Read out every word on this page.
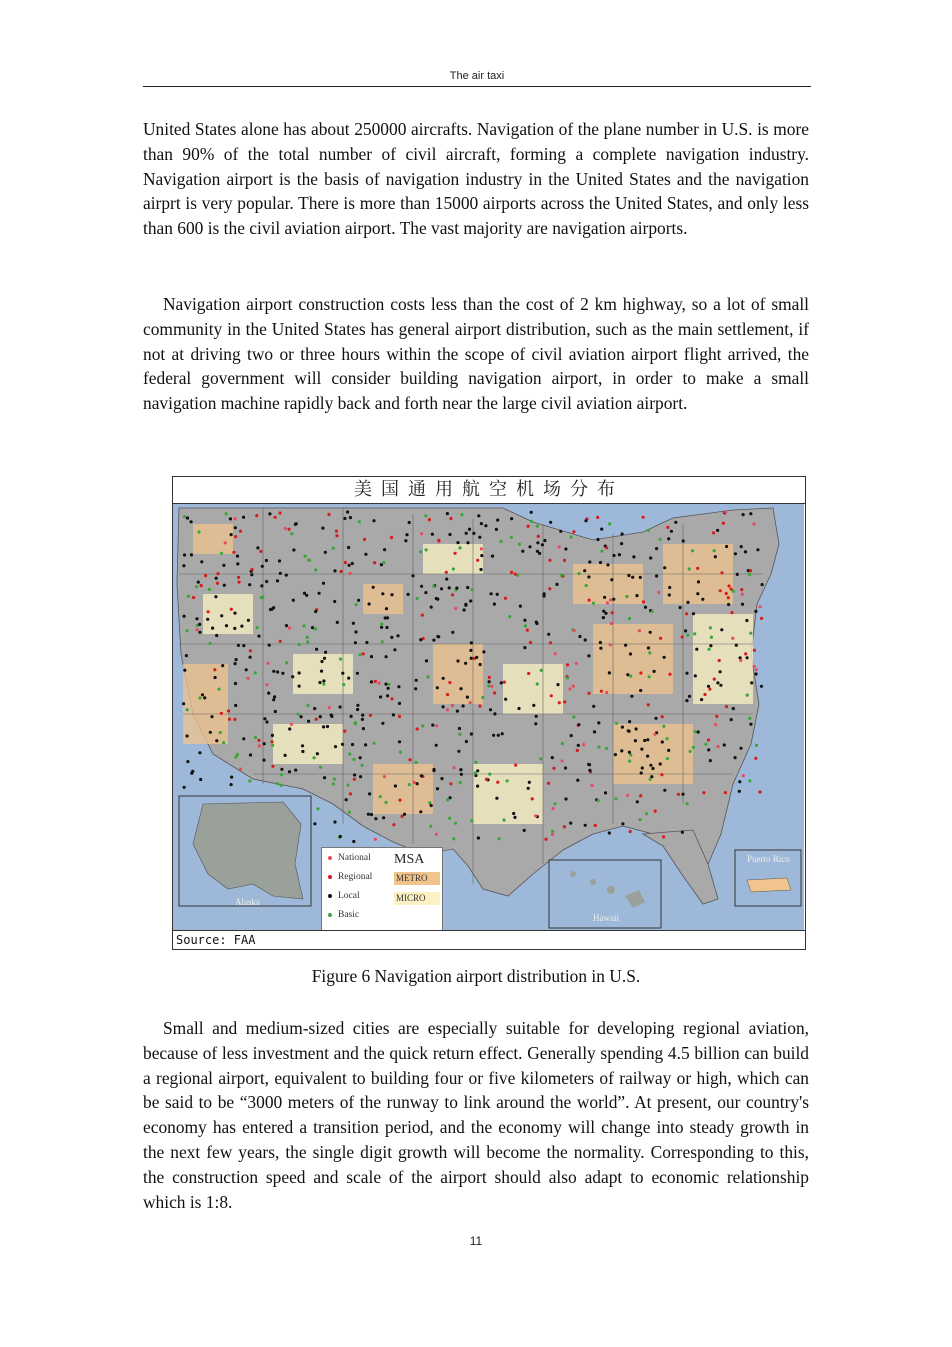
The air taxi

United States alone has about 250000 aircrafts. Navigation of the plane number in U.S. is more than 90% of the total number of civil aircraft, forming a complete navigation industry. Navigation airport is the basis of navigation industry in the United States and the navigation airprt is very popular. There is more than 15000 airports across the United States, and only less than 600 is the civil aviation airport. The vast majority are navigation airports.

Navigation airport construction costs less than the cost of 2 km highway, so a lot of small community in the United States has general airport distribution, such as the main settlement, if not at driving two or three hours within the scope of civil aviation airport flight arrived, the federal government will consider building navigation airport, in order to make a small navigation machine rapidly back and forth near the large civil aviation airport.

美国通用航空机场分布
Alaska
Hawaii
Puerto Rico
National
Regional
Local
Basic
MSA
METRO
MICRO
Source: FAA
Figure 6 Navigation airport distribution in U.S.

Small and medium-sized cities are especially suitable for developing regional aviation, because of less investment and the quick return effect. Generally spending 4.5 billion can build a regional airport, equivalent to building four or five kilometers of railway or high, which can be said to be “3000 meters of the runway to link around the world”. At present, our country's economy has entered a transition period, and the economy will change into steady growth in the next few years, the single digit growth will become the normality. Corresponding to this, the construction speed and scale of the airport should also adapt to economic relationship which is 1:8.

11
